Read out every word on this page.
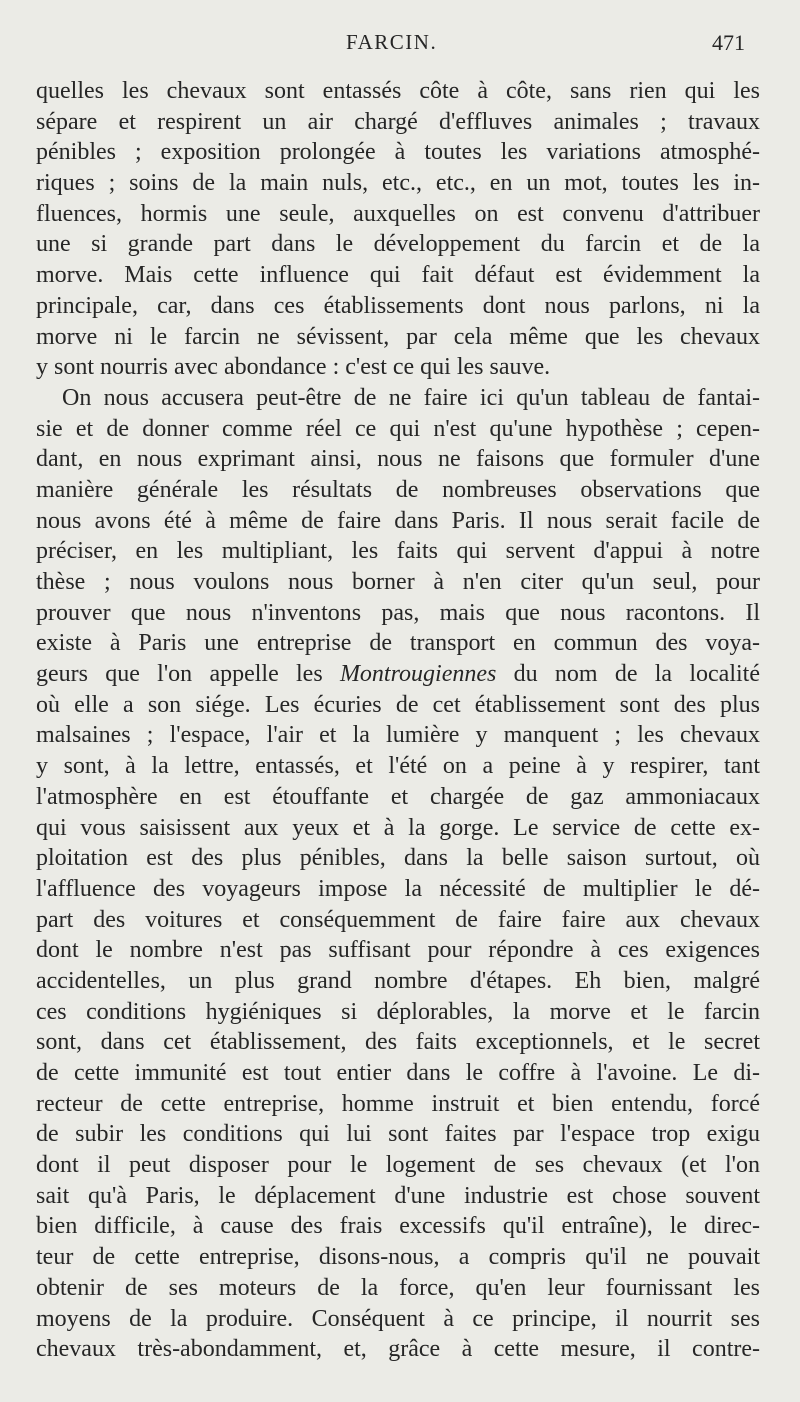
FARCIN.	471
quelles les chevaux sont entassés côte à côte, sans rien qui les
sépare et respirent un air chargé d'effluves animales ; travaux
pénibles ; exposition prolongée à toutes les variations atmosphé-
riques ; soins de la main nuls, etc., etc., en un mot, toutes les in-
fluences, hormis une seule, auxquelles on est convenu d'attribuer
une si grande part dans le développement du farcin et de la
morve. Mais cette influence qui fait défaut est évidemment la
principale, car, dans ces établissements dont nous parlons, ni la
morve ni le farcin ne sévissent, par cela même que les chevaux
y sont nourris avec abondance : c'est ce qui les sauve.
On nous accusera peut-être de ne faire ici qu'un tableau de fantai-
sie et de donner comme réel ce qui n'est qu'une hypothèse ; cepen-
dant, en nous exprimant ainsi, nous ne faisons que formuler d'une
manière générale les résultats de nombreuses observations que
nous avons été à même de faire dans Paris. Il nous serait facile de
préciser, en les multipliant, les faits qui servent d'appui à notre
thèse ; nous voulons nous borner à n'en citer qu'un seul, pour
prouver que nous n'inventons pas, mais que nous racontons. Il
existe à Paris une entreprise de transport en commun des voya-
geurs que l'on appelle les Montrougiennes du nom de la localité
où elle a son siége. Les écuries de cet établissement sont des plus
malsaines ; l'espace, l'air et la lumière y manquent ; les chevaux
y sont, à la lettre, entassés, et l'été on a peine à y respirer, tant
l'atmosphère en est étouffante et chargée de gaz ammoniacaux
qui vous saisissent aux yeux et à la gorge. Le service de cette ex-
ploitation est des plus pénibles, dans la belle saison surtout, où
l'affluence des voyageurs impose la nécessité de multiplier le dé-
part des voitures et conséquemment de faire faire aux chevaux
dont le nombre n'est pas suffisant pour répondre à ces exigences
accidentelles, un plus grand nombre d'étapes. Eh bien, malgré
ces conditions hygiéniques si déplorables, la morve et le farcin
sont, dans cet établissement, des faits exceptionnels, et le secret
de cette immunité est tout entier dans le coffre à l'avoine. Le di-
recteur de cette entreprise, homme instruit et bien entendu, forcé
de subir les conditions qui lui sont faites par l'espace trop exigu
dont il peut disposer pour le logement de ses chevaux (et l'on
sait qu'à Paris, le déplacement d'une industrie est chose souvent
bien difficile, à cause des frais excessifs qu'il entraîne), le direc-
teur de cette entreprise, disons-nous, a compris qu'il ne pouvait
obtenir de ses moteurs de la force, qu'en leur fournissant les
moyens de la produire. Conséquent à ce principe, il nourrit ses
chevaux très-abondamment, et, grâce à cette mesure, il contre-
